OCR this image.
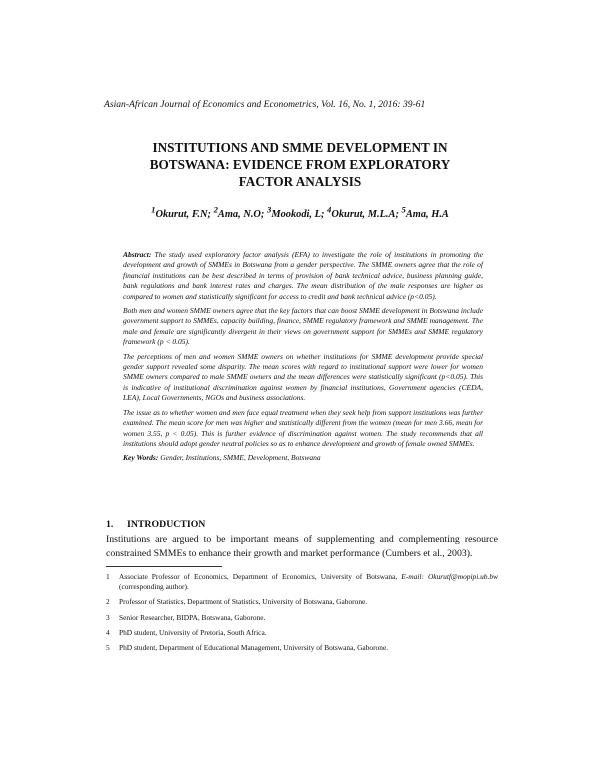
Asian-African Journal of Economics and Econometrics, Vol. 16, No. 1, 2016: 39-61
INSTITUTIONS AND SMME DEVELOPMENT IN
BOTSWANA: EVIDENCE FROM EXPLORATORY
FACTOR ANALYSIS
$^1$Okurut, F.N; $^2$Ama, N.O; $^3$Mookodi, L; $^4$Okurut, M.L.A; $^5$Ama, H.A

Abstract: The study used exploratory factor analysis (EFA) to investigate the role of institutions in promoting the development and growth of SMMEs in Botswana from a gender perspective. The SMME owners agree that the role of financial institutions can be best described in terms of provision of bank technical advice, business planning guide, bank regulations and bank interest rates and charges. The mean distribution of the male responses are higher as compared to women and statistically significant for access to credit and bank technical advice (p<0.05).

Both men and women SMME owners agree that the key factors that can boost SMME development in Botswana include government support to SMMEs, capacity building, finance, SMME regulatory framework and SMME management. The male and female are significantly divergent in their views on government support for SMMEs and SMME regulatory framework (p < 0.05).

The perceptions of men and women SMME owners on whether institutions for SMME development provide special gender support revealed some disparity. The mean scores with regard to institutional support were lower for women SMME owners compared to male SMME owners and the mean differences were statistically significant (p<0.05). This is indicative of institutional discrimination against women by financial institutions, Government agencies (CEDA, LEA), Local Governments, NGOs and business associations.

The issue as to whether women and men face equal treatment when they seek help from support institutions was further examined. The mean score for men was higher and statistically different from the women (mean for men 3.66, mean for women 3.55, p < 0.05). This is further evidence of discrimination against women. The study recommends that all institutions should adopt gender neutral policies so as to enhance development and growth of female owned SMMEs.

Key Words: Gender, Institutions, SMME, Development, Botswana

1. INTRODUCTION
Institutions are argued to be important means of supplementing and complementing resource constrained SMMEs to enhance their growth and market performance (Cumbers et al., 2003).
1	Associate Professor of Economics, Department of Economics, University of Botswana, E-mail: Okurutf@mopipi.ub.bw (corresponding author).
2	Professor of Statistics, Department of Statistics, University of Botswana, Gaborone.
3	Senior Researcher, BIDPA, Botswana, Gaborone.
4	PhD student, University of Pretoria, South Africa.
5	PhD student, Department of Educational Management, University of Botswana, Gaborone.
